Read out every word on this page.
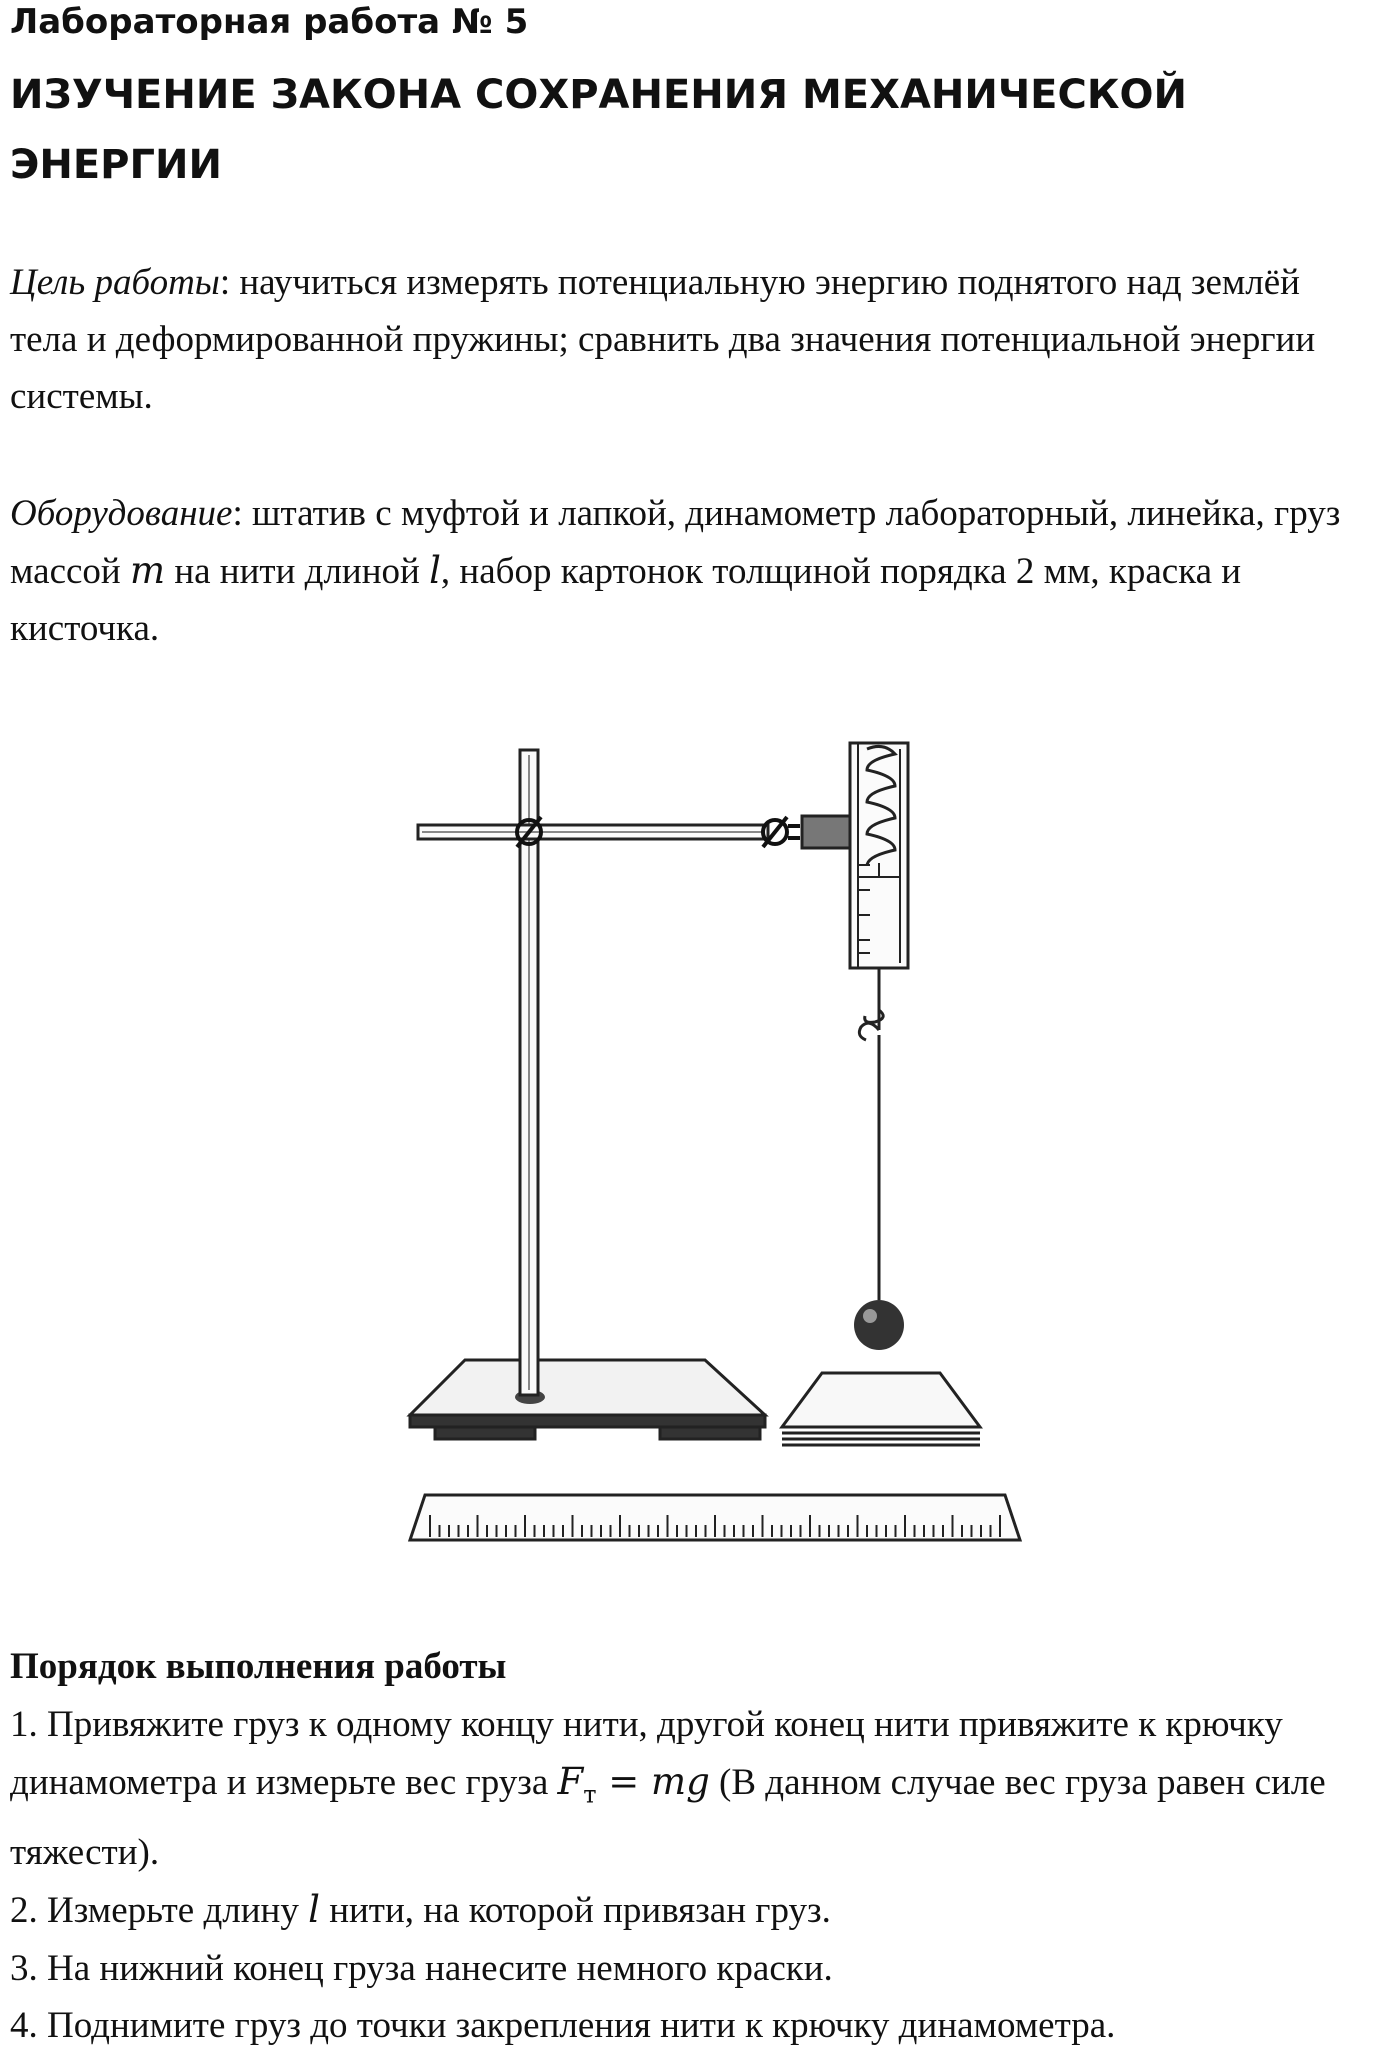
Лабораторная работа № 5
ИЗУЧЕНИЕ ЗАКОНА СОХРАНЕНИЯ МЕХАНИЧЕСКОЙ ЭНЕРГИИ

Цель работы: научиться измерять потенциальную энергию поднятого над землёй тела и деформированной пружины; сравнить два значения потенциальной энергии системы.

Оборудование: штатив с муфтой и лапкой, динамометр лабораторный, линейка, груз массой m на нити длиной l, набор картонок толщиной порядка 2 мм, краска и кисточка.

Порядок выполнения работы

1. Привяжите груз к одному концу нити, другой конец нити привяжите к крючку динамометра и измерьте вес груза $F_т$ = mg (В данном случае вес груза равен силе тяжести).

2. Измерьте длину l нити, на которой привязан груз.

3. На нижний конец груза нанесите немного краски.

4. Поднимите груз до точки закрепления нити к крючку динамометра.
